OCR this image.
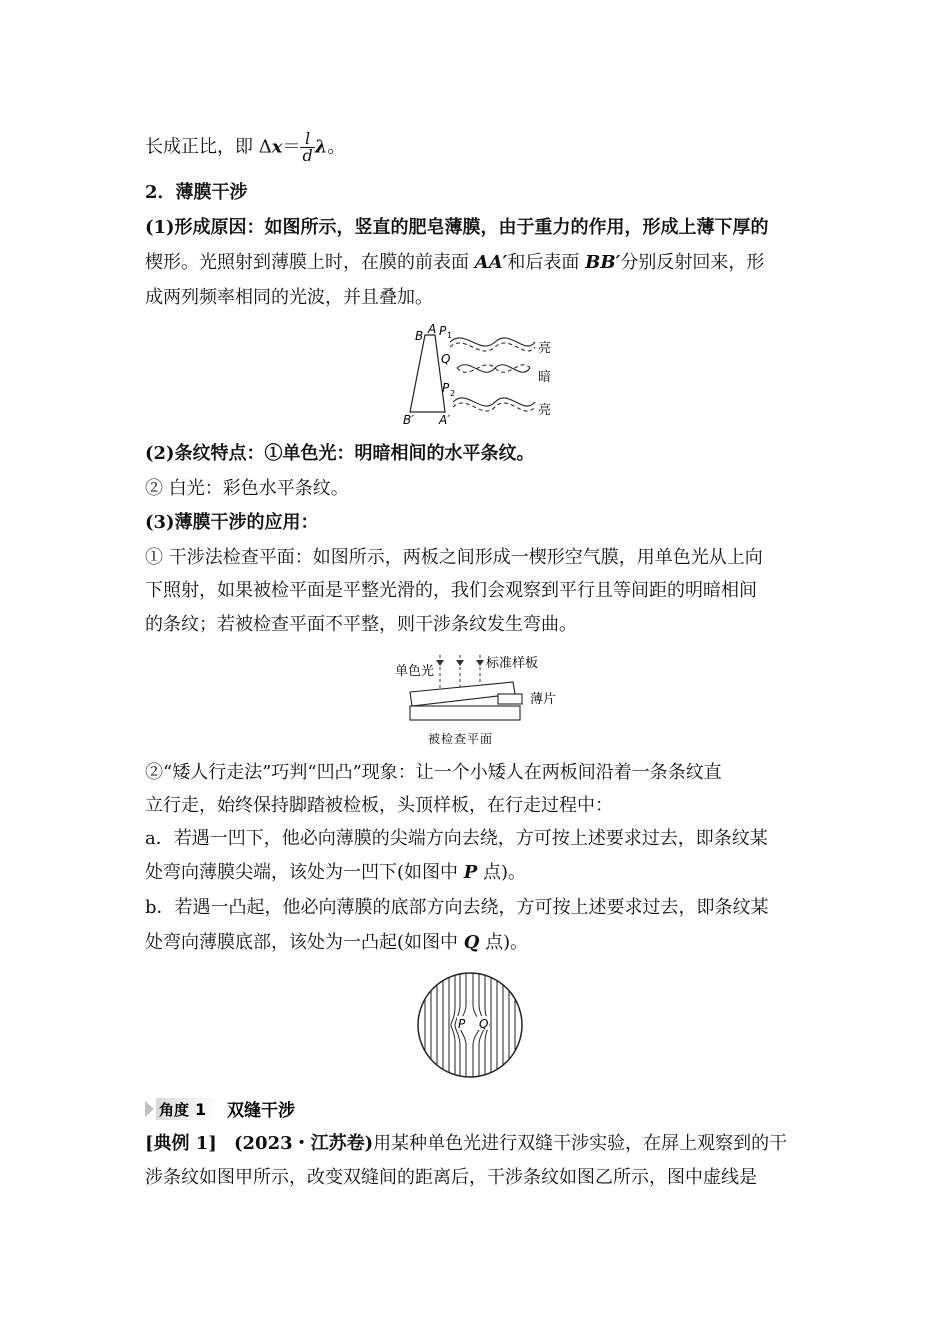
长成正比，即 $\Delta x= \frac{l}{d}$ λ。
2．薄膜干涉
(1)形成原因：如图所示，竖直的肥皂薄膜，由于重力的作用，形成上薄下厚的
楔形。光照射到薄膜上时，在膜的前表面 AA′和后表面 BB′分别反射回来，形
成两列频率相同的光波，并且叠加。
B A P 1
Q
P 2
B′ A′
亮
暗
亮
(2)条纹特点：①单色光：明暗相间的水平条纹。
② 白光：彩色水平条纹。
(3)薄膜干涉的应用：
① 干涉法检查平面：如图所示，两板之间形成一楔形空气膜，用单色光从上向
下照射，如果被检平面是平整光滑的，我们会观察到平行且等间距的明暗相间
的条纹；若被检查平面不平整，则干涉条纹发生弯曲。
单色光
标准样板
薄片
被检查平面
②“矮人行走法”巧判“凹凸”现象：让一个小矮人在两板间沿着一条条纹直
立行走，始终保持脚踏被检板，头顶样板，在行走过程中：
a．若遇一凹下，他必向薄膜的尖端方向去绕，方可按上述要求过去，即条纹某
处弯向薄膜尖端，该处为一凹下(如图中 P 点)。
b．若遇一凸起，他必向薄膜的底部方向去绕，方可按上述要求过去，即条纹某
处弯向薄膜底部，该处为一凸起(如图中 Q 点)。
P Q
角度 1 双缝干涉
[典例 1] (2023・江苏卷)用某种单色光进行双缝干涉实验，在屏上观察到的干
涉条纹如图甲所示，改变双缝间的距离后，干涉条纹如图乙所示，图中虚线是
